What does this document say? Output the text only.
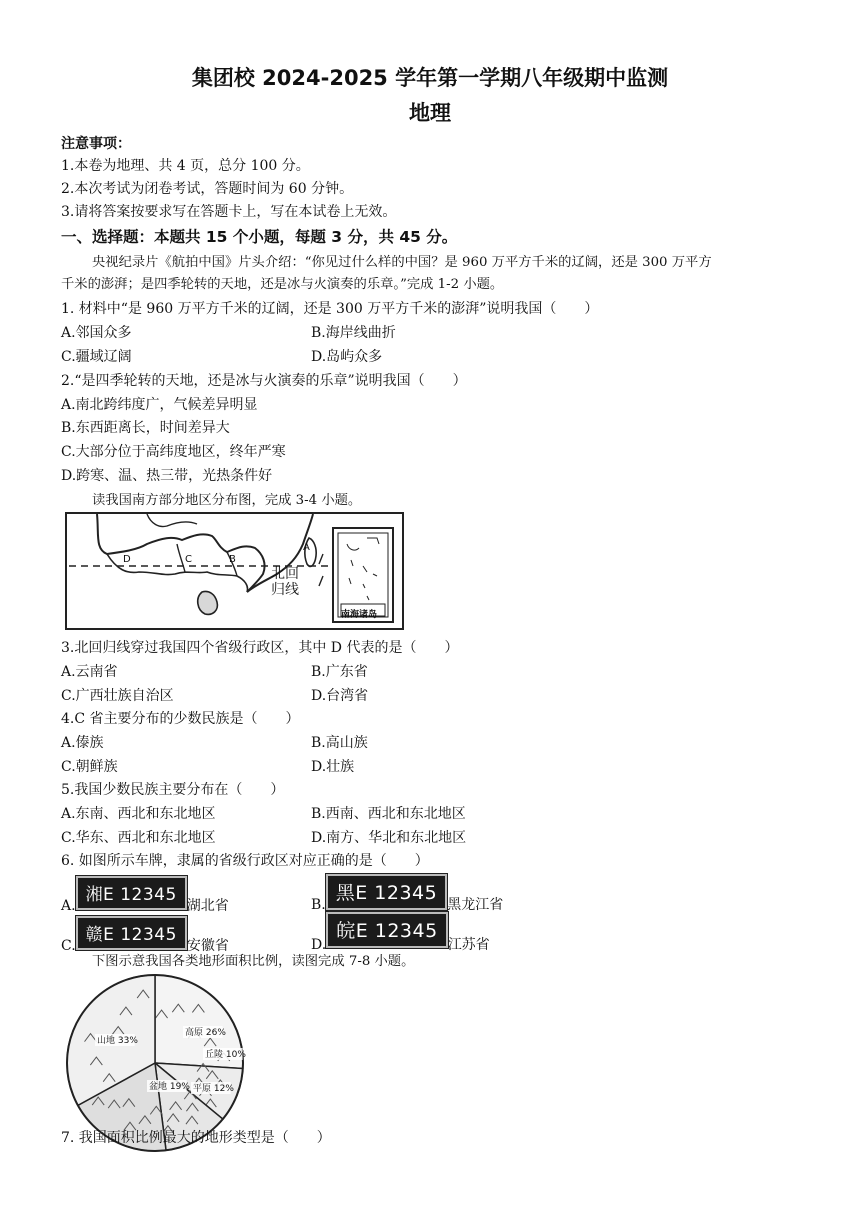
集团校 2024-2025 学年第一学期八年级期中监测
地理
注意事项：
1.本卷为地理、共 4 页，总分 100 分。
2.本次考试为闭卷考试，答题时间为 60 分钟。
3.请将答案按要求写在答题卡上，写在本试卷上无效。
一、选择题：本题共 15 个小题，每题 3 分，共 45 分。
央视纪录片《航拍中国》片头介绍：“你见过什么样的中国？是 960 万平方千米的辽阔，还是 300 万平方
千米的澎湃；是四季轮转的天地，还是冰与火演奏的乐章。”完成 1-2 小题。
1. 材料中“是 960 万平方千米的辽阔，还是 300 万平方千米的澎湃”说明我国（　　）
A.邻国众多	B.海岸线曲折
C.疆域辽阔	D.岛屿众多
2.“是四季轮转的天地，还是冰与火演奏的乐章”说明我国（　　）
A.南北跨纬度广，气候差异明显
B.东西距离长，时间差异大
C.大部分位于高纬度地区，终年严寒
D.跨寒、温、热三带，光热条件好
读我国南方部分地区分布图，完成 3-4 小题。
A
B
C
D
北回
归线
南海诸岛
3.北回归线穿过我国四个省级行政区，其中 D 代表的是（　　）
A.云南省	B.广东省
C.广西壮族自治区	D.台湾省
4.C 省主要分布的少数民族是（　　）
A.傣族	B.高山族
C.朝鲜族	D.壮族
5.我国少数民族主要分布在（　　）
A.东南、西北和东北地区	B.西南、西北和东北地区
C.华东、西北和东北地区	D.南方、华北和东北地区
6. 如图所示车牌，隶属的省级行政区对应正确的是（　　）
A.湘E 12345湖北省	B.黑E 12345黑龙江省
C.赣E 12345安徽省	D.皖E 12345江苏省
下图示意我国各类地形面积比例，读图完成 7-8 小题。
山地 33%
高原 26%
丘陵 10%
平原 12%
盆地 19%
7. 我国面积比例最大的地形类型是（　　）
